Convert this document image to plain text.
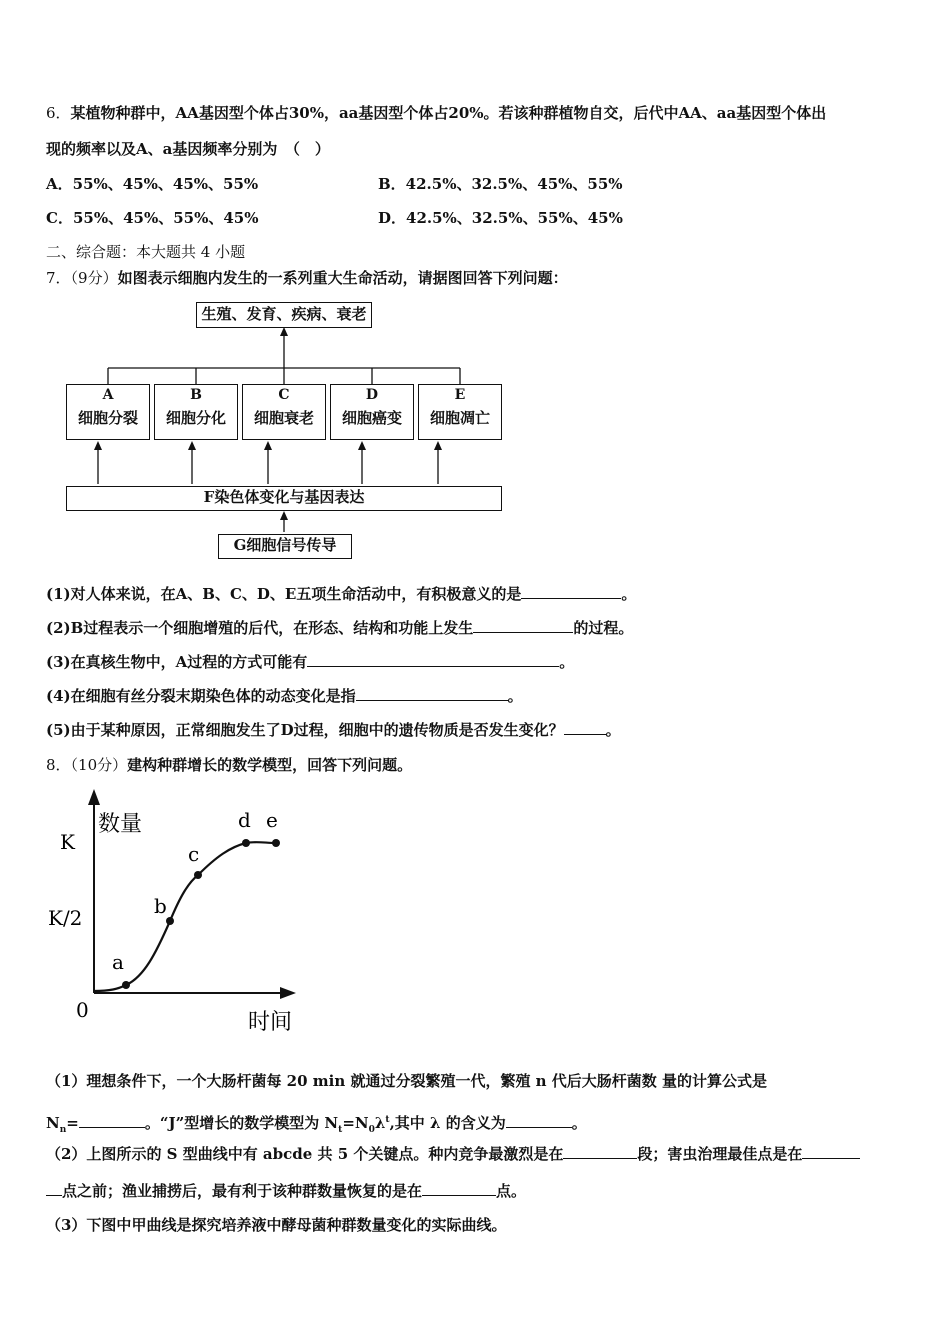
6．某植物种群中，AA基因型个体占30%，aa基因型个体占20%。若该种群植物自交，后代中AA、aa基因型个体出
现的频率以及A、a基因频率分别为　（　）
A．55%、45%、45%、55%	B．42.5%、32.5%、45%、55%
C．55%、45%、55%、45%	D．42.5%、32.5%、55%、45%
二、综合题：本大题共 4 小题
7．（9分）如图表示细胞内发生的一系列重大生命活动，请据图回答下列问题：
生殖、发育、疾病、衰老
A
细胞分裂
B
细胞分化
C
细胞衰老
D
细胞癌变
E
细胞凋亡
F染色体变化与基因表达
G细胞信号传导
(1)对人体来说，在A、B、C、D、E五项生命活动中，有积极意义的是	。
(2)B过程表示一个细胞增殖的后代，在形态、结构和功能上发生	的过程。
(3)在真核生物中，A过程的方式可能有	。
(4)在细胞有丝分裂末期染色体的动态变化是指	。
(5)由于某种原因，正常细胞发生了D过程，细胞中的遗传物质是否发生变化？	。
8．（10分）建构种群增长的数学模型，回答下列问题。
数量
K
K/2
0	时间
a
b
c
d e
（1）理想条件下，一个大肠杆菌每 20 min 就通过分裂繁殖一代，繁殖 n 代后大肠杆菌数 量的计算公式是
$N_n=$	。“J”型增长的数学模型为 $N_t=N_0\lambda^t$,其中 λ 的含义为	。
（2）上图所示的 S 型曲线中有 abcde 共 5 个关键点。种内竞争最激烈是在	段；害虫治理最佳点是在
点之前；渔业捕捞后，最有利于该种群数量恢复的是在	点。
（3）下图中甲曲线是探究培养液中酵母菌种群数量变化的实际曲线。
